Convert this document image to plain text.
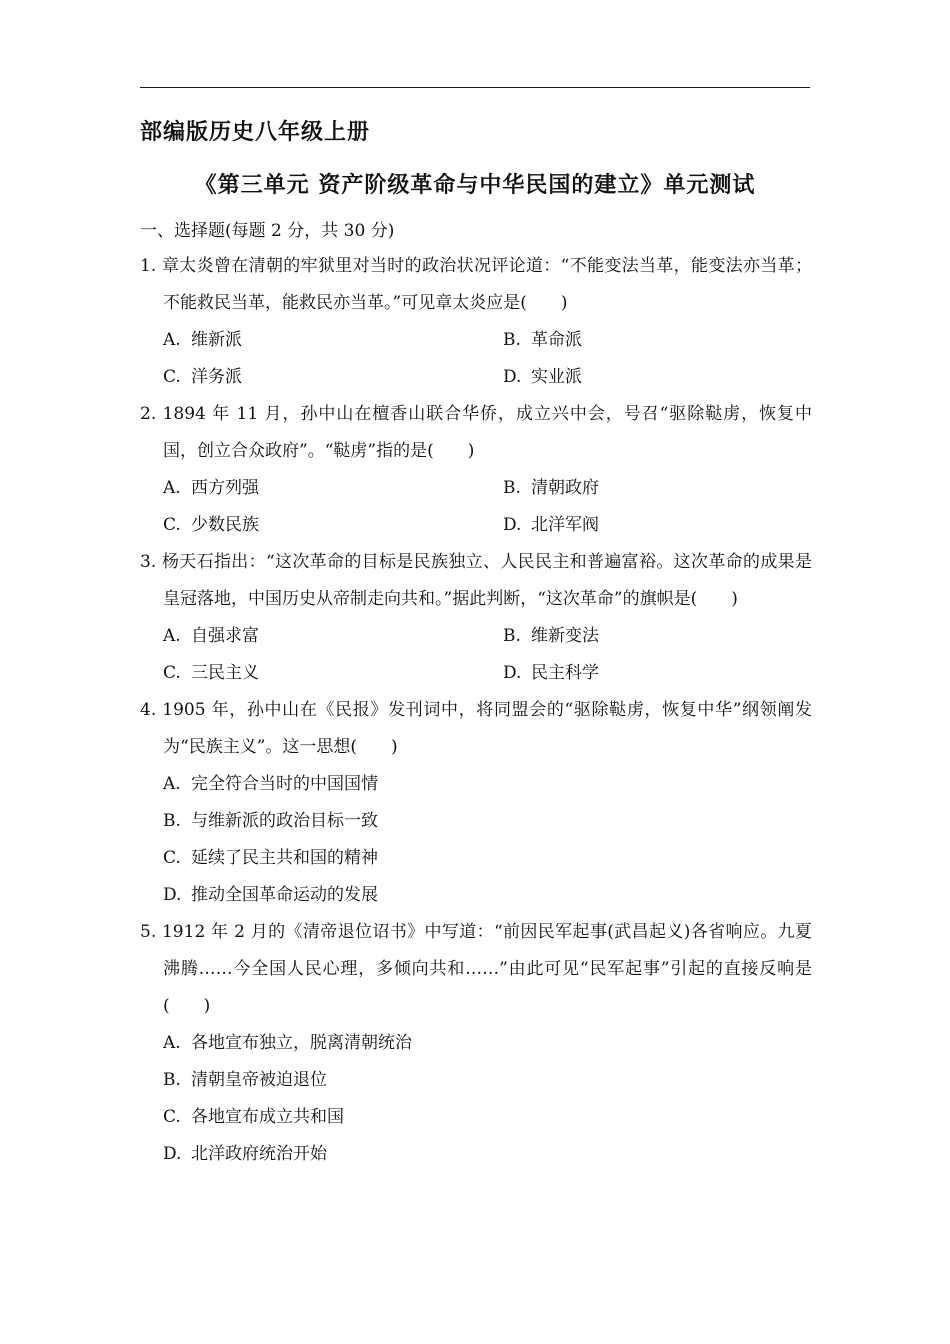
部编版历史八年级上册
《第三单元 资产阶级革命与中华民国的建立》单元测试
一、选择题(每题 2 分，共 30 分)

1. 章太炎曾在清朝的牢狱里对当时的政治状况评论道：“不能变法当革，能变法亦当革；不能救民当革，能救民亦当革。”可见章太炎应是(　　)

A. 维新派	B. 革命派
C. 洋务派	D. 实业派

2. 1894 年 11 月，孙中山在檀香山联合华侨，成立兴中会，号召“驱除鞑虏，恢复中国，创立合众政府”。“鞑虏”指的是(　　)

A. 西方列强	B. 清朝政府
C. 少数民族	D. 北洋军阀

3. 杨天石指出：“这次革命的目标是民族独立、人民民主和普遍富裕。这次革命的成果是皇冠落地，中国历史从帝制走向共和。”据此判断，“这次革命”的旗帜是(　　)

A. 自强求富	B. 维新变法
C. 三民主义	D. 民主科学

4. 1905 年，孙中山在《民报》发刊词中，将同盟会的“驱除鞑虏，恢复中华”纲领阐发为“民族主义”。这一思想(　　)

A. 完全符合当时的中国国情
B. 与维新派的政治目标一致
C. 延续了民主共和国的精神
D. 推动全国革命运动的发展

5. 1912 年 2 月的《清帝退位诏书》中写道：“前因民军起事(武昌起义)各省响应。九夏沸腾……今全国人民心理，多倾向共和……”由此可见“民军起事”引起的直接反响是(　　)

A. 各地宣布独立，脱离清朝统治
B. 清朝皇帝被迫退位
C. 各地宣布成立共和国
D. 北洋政府统治开始
